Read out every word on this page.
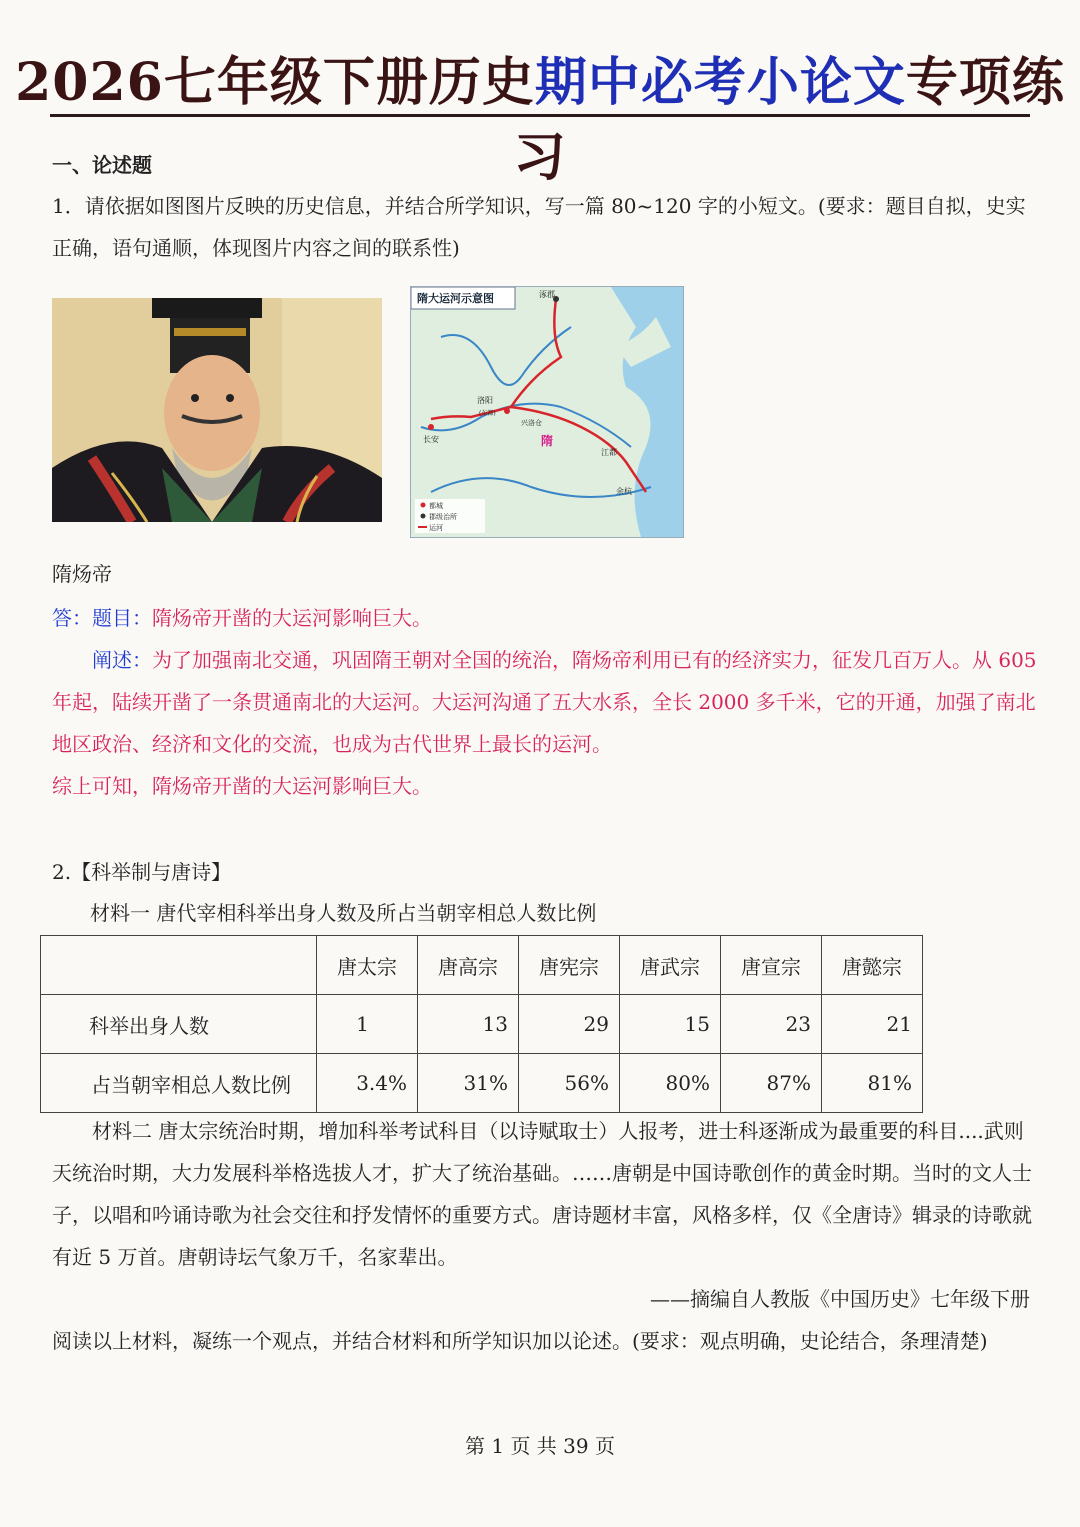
2026七年级下册历史期中必考小论文专项练习
一、论述题
1．请依据如图图片反映的历史信息，并结合所学知识，写一篇 80~120 字的小短文。(要求：题目自拟，史实正确，语句通顺，体现图片内容之间的联系性)
隋大运河示意图	涿郡
洛阳
(东都)
长安
江都
余杭
兴洛仓
隋
都城
郡级治所
运河
隋炀帝
答：题目：隋炀帝开凿的大运河影响巨大。
阐述：为了加强南北交通，巩固隋王朝对全国的统治，隋炀帝利用已有的经济实力，征发几百万人。从 605 年起，陆续开凿了一条贯通南北的大运河。大运河沟通了五大水系，全长 2000 多千米，它的开通，加强了南北地区政治、经济和文化的交流，也成为古代世界上最长的运河。
综上可知，隋炀帝开凿的大运河影响巨大。
2.【科举制与唐诗】
材料一 唐代宰相科举出身人数及所占当朝宰相总人数比例
	唐太宗	唐高宗	唐宪宗	唐武宗	唐宣宗	唐懿宗
科举出身人数	1	13	29	15	23	21
占当朝宰相总人数比例	3.4%	31%	56%	80%	87%	81%
材料二 唐太宗统治时期，增加科举考试科目（以诗赋取士）人报考，进士科逐渐成为最重要的科目....武则天统治时期，大力发展科举格选拔人才，扩大了统治基础。……唐朝是中国诗歌创作的黄金时期。当时的文人士子，以唱和吟诵诗歌为社会交往和抒发情怀的重要方式。唐诗题材丰富，风格多样，仅《全唐诗》辑录的诗歌就有近 5 万首。唐朝诗坛气象万千，名家辈出。
——摘编自人教版《中国历史》七年级下册
阅读以上材料，凝练一个观点，并结合材料和所学知识加以论述。(要求：观点明确，史论结合，条理清楚)
第 1 页 共 39 页
